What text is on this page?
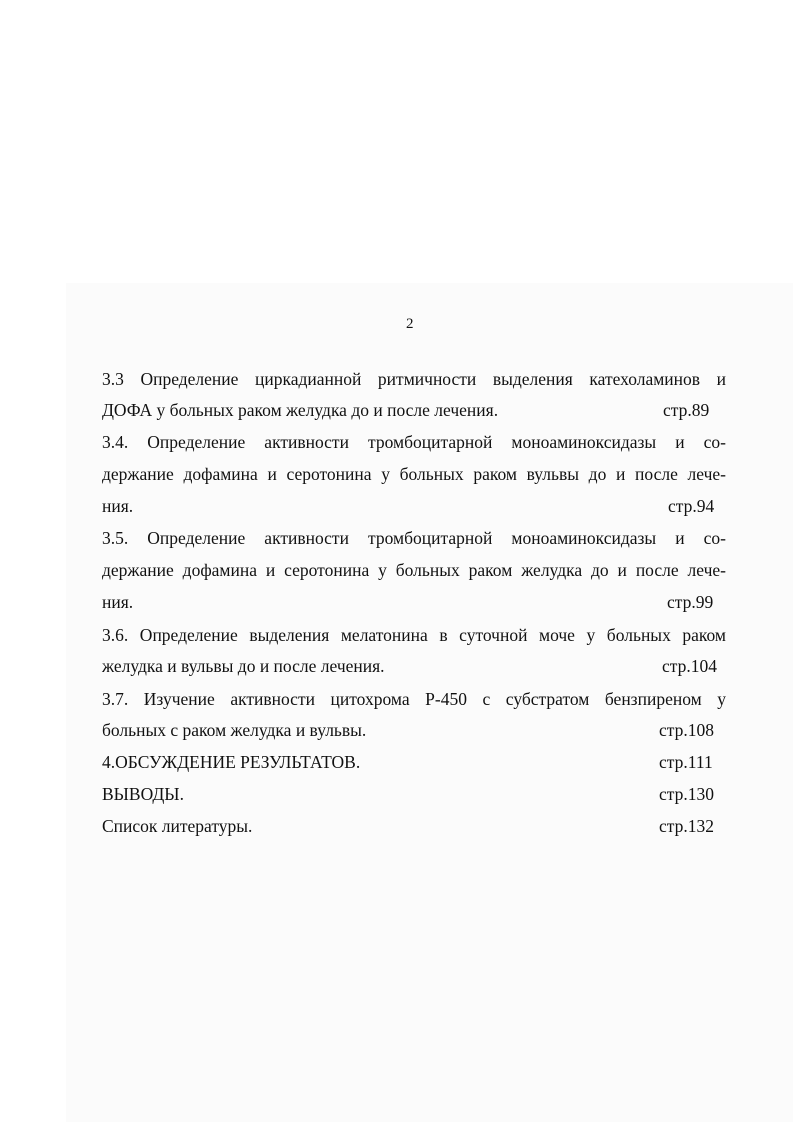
2
3.3 Определение циркадианной ритмичности выделения катехоламинов и
ДОФА у больных раком желудка до и после лечения.	стр.89
3.4. Определение активности тромбоцитарной моноаминоксидазы и со-
держание дофамина и серотонина у больных раком вульвы до и после лече-
ния.	стр.94
3.5. Определение активности тромбоцитарной моноаминоксидазы и со-
держание дофамина и серотонина у больных раком желудка до и после лече-
ния.	стр.99
3.6. Определение выделения мелатонина в суточной моче у больных раком
желудка и вульвы до и после лечения.	стр.104
3.7. Изучение активности цитохрома Р-450 с субстратом бензпиреном у
больных с раком желудка и вульвы.	стр.108
4.ОБСУЖДЕНИЕ РЕЗУЛЬТАТОВ.	стр.111
ВЫВОДЫ.	стр.130
Список литературы.	стр.132
